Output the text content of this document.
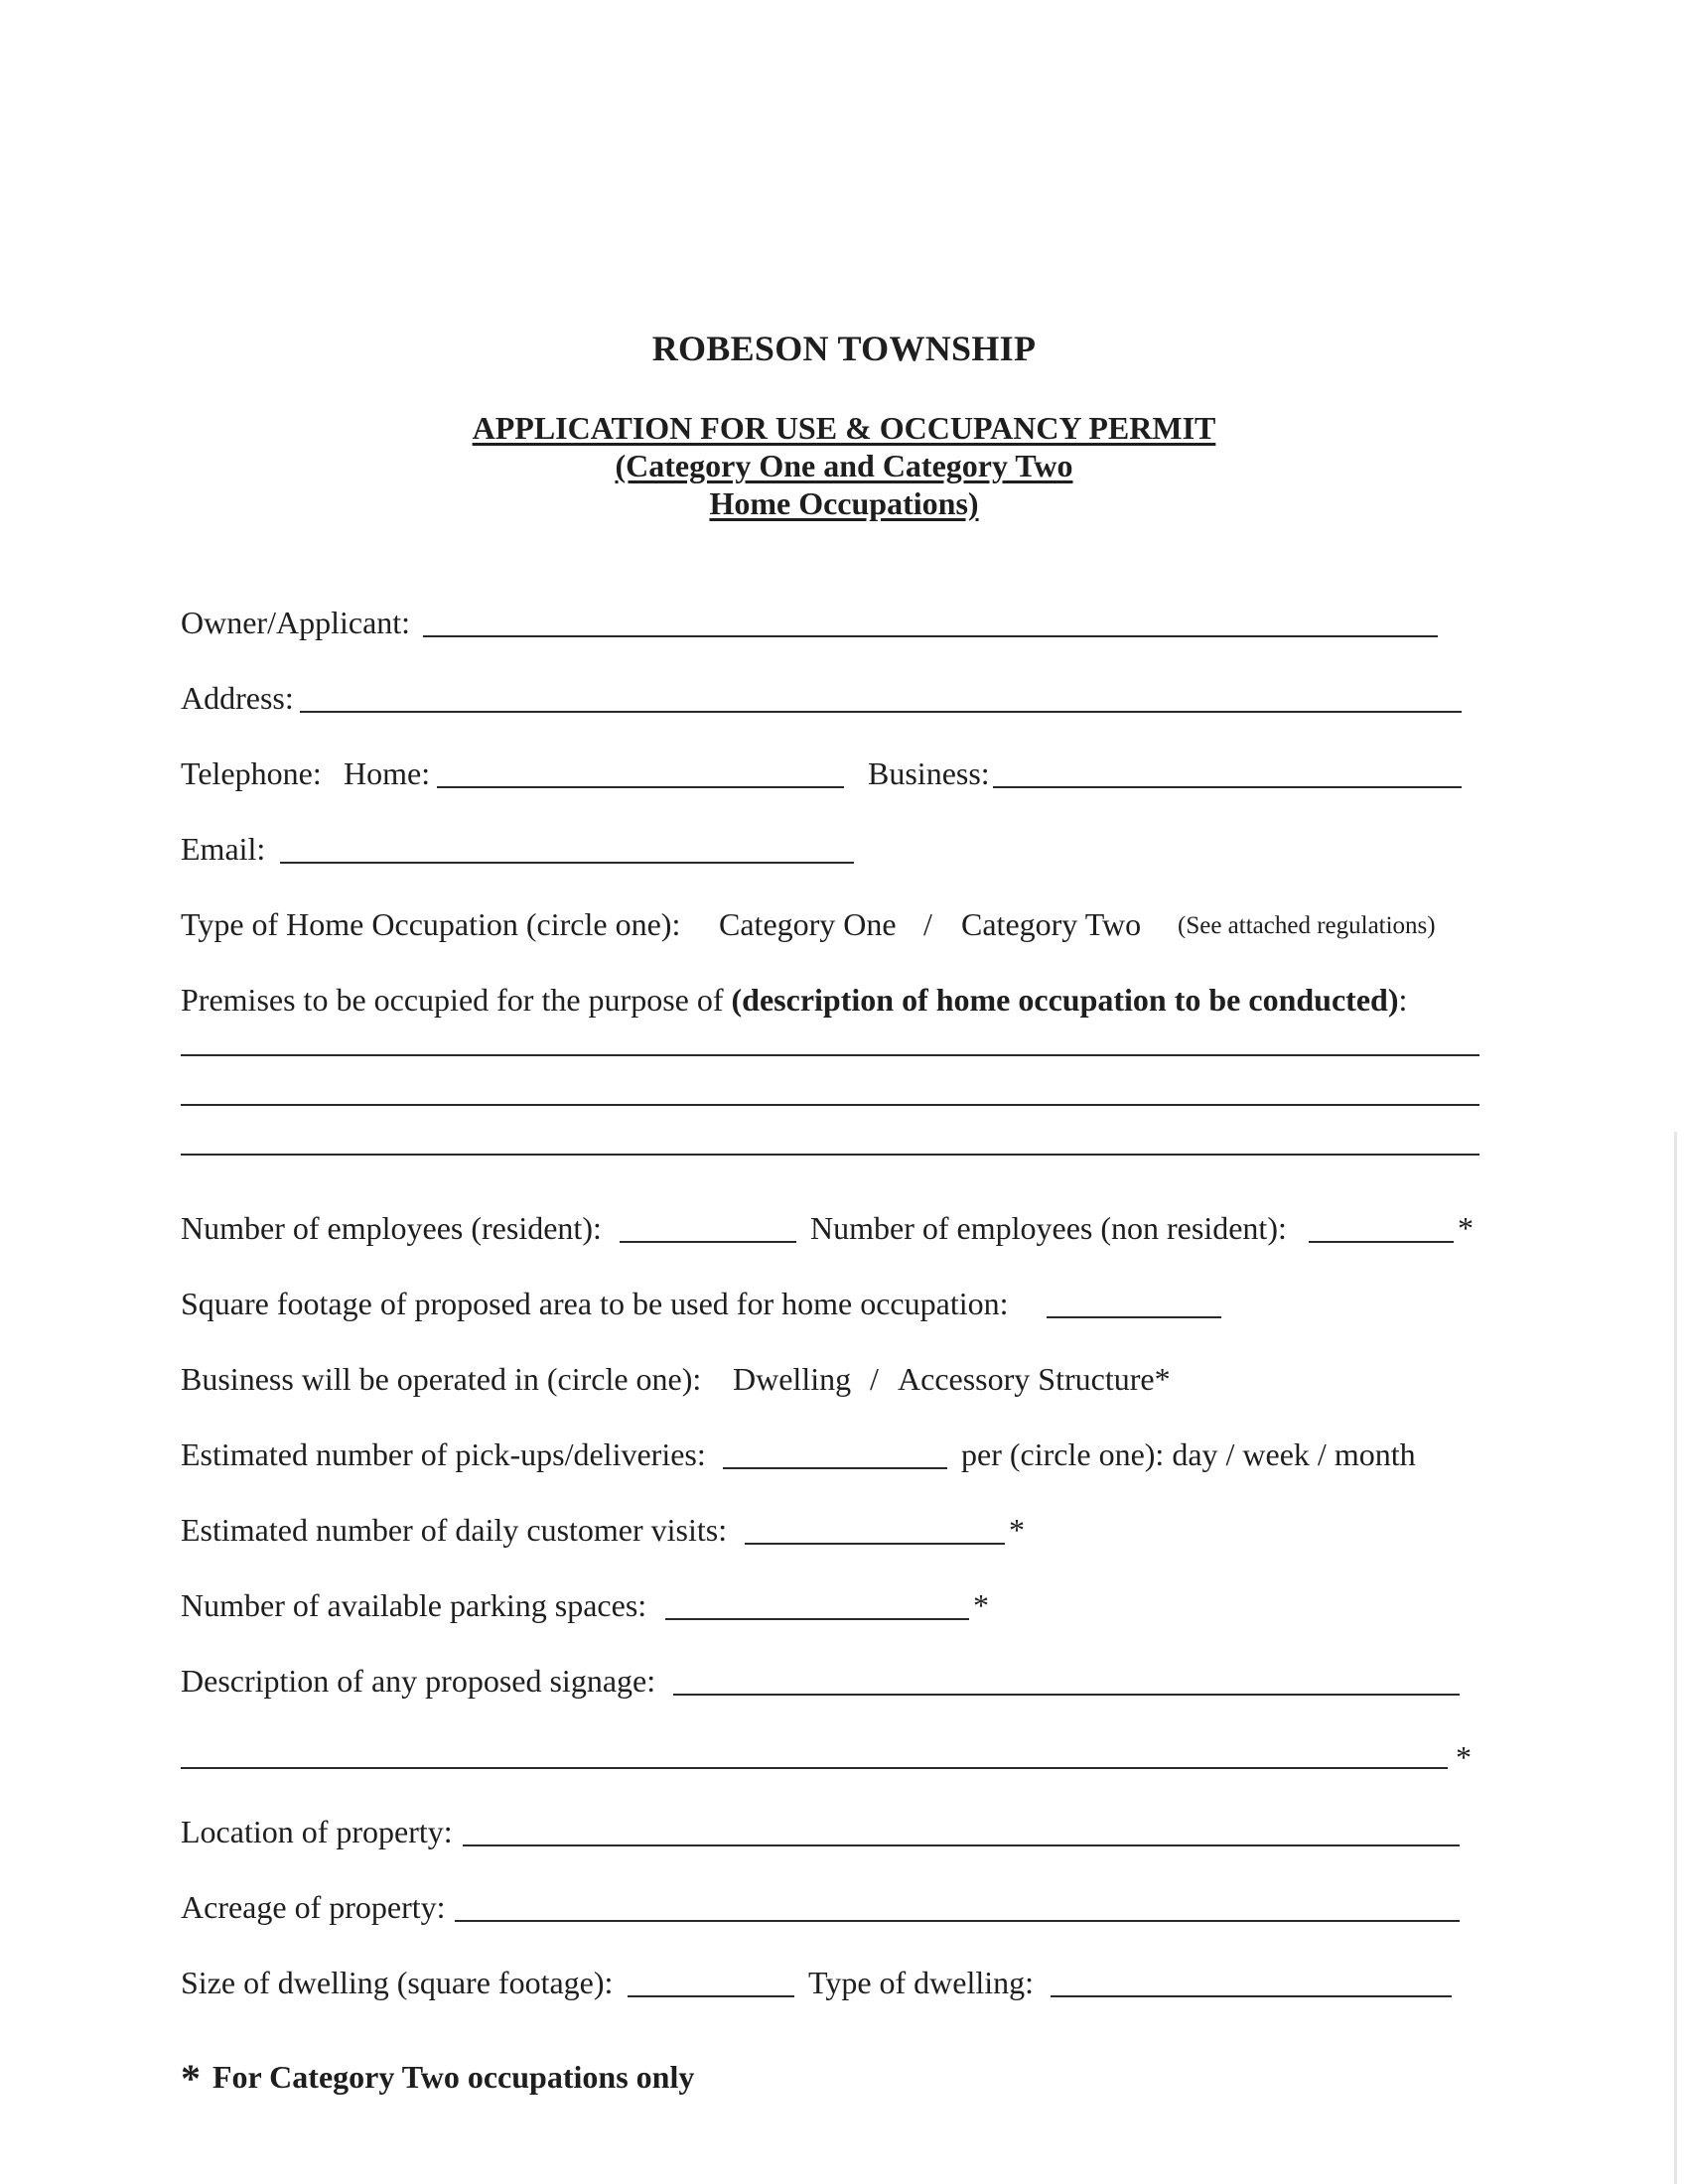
ROBESON TOWNSHIP
APPLICATION FOR USE & OCCUPANCY PERMIT
(Category One and Category Two
Home Occupations)
Owner/Applicant:
Address:
Telephone: Home:	Business:
Email:
Type of Home Occupation (circle one): Category One / Category Two (See attached regulations)
Premises to be occupied for the purpose of (description of home occupation to be conducted):
Number of employees (resident):	Number of employees (non resident):	*
Square footage of proposed area to be used for home occupation:
Business will be operated in (circle one): Dwelling / Accessory Structure*
Estimated number of pick-ups/deliveries:	per (circle one): day / week / month
Estimated number of daily customer visits:	*
Number of available parking spaces:	*
Description of any proposed signage:
*
Location of property:
Acreage of property:
Size of dwelling (square footage):	Type of dwelling:
* For Category Two occupations only
